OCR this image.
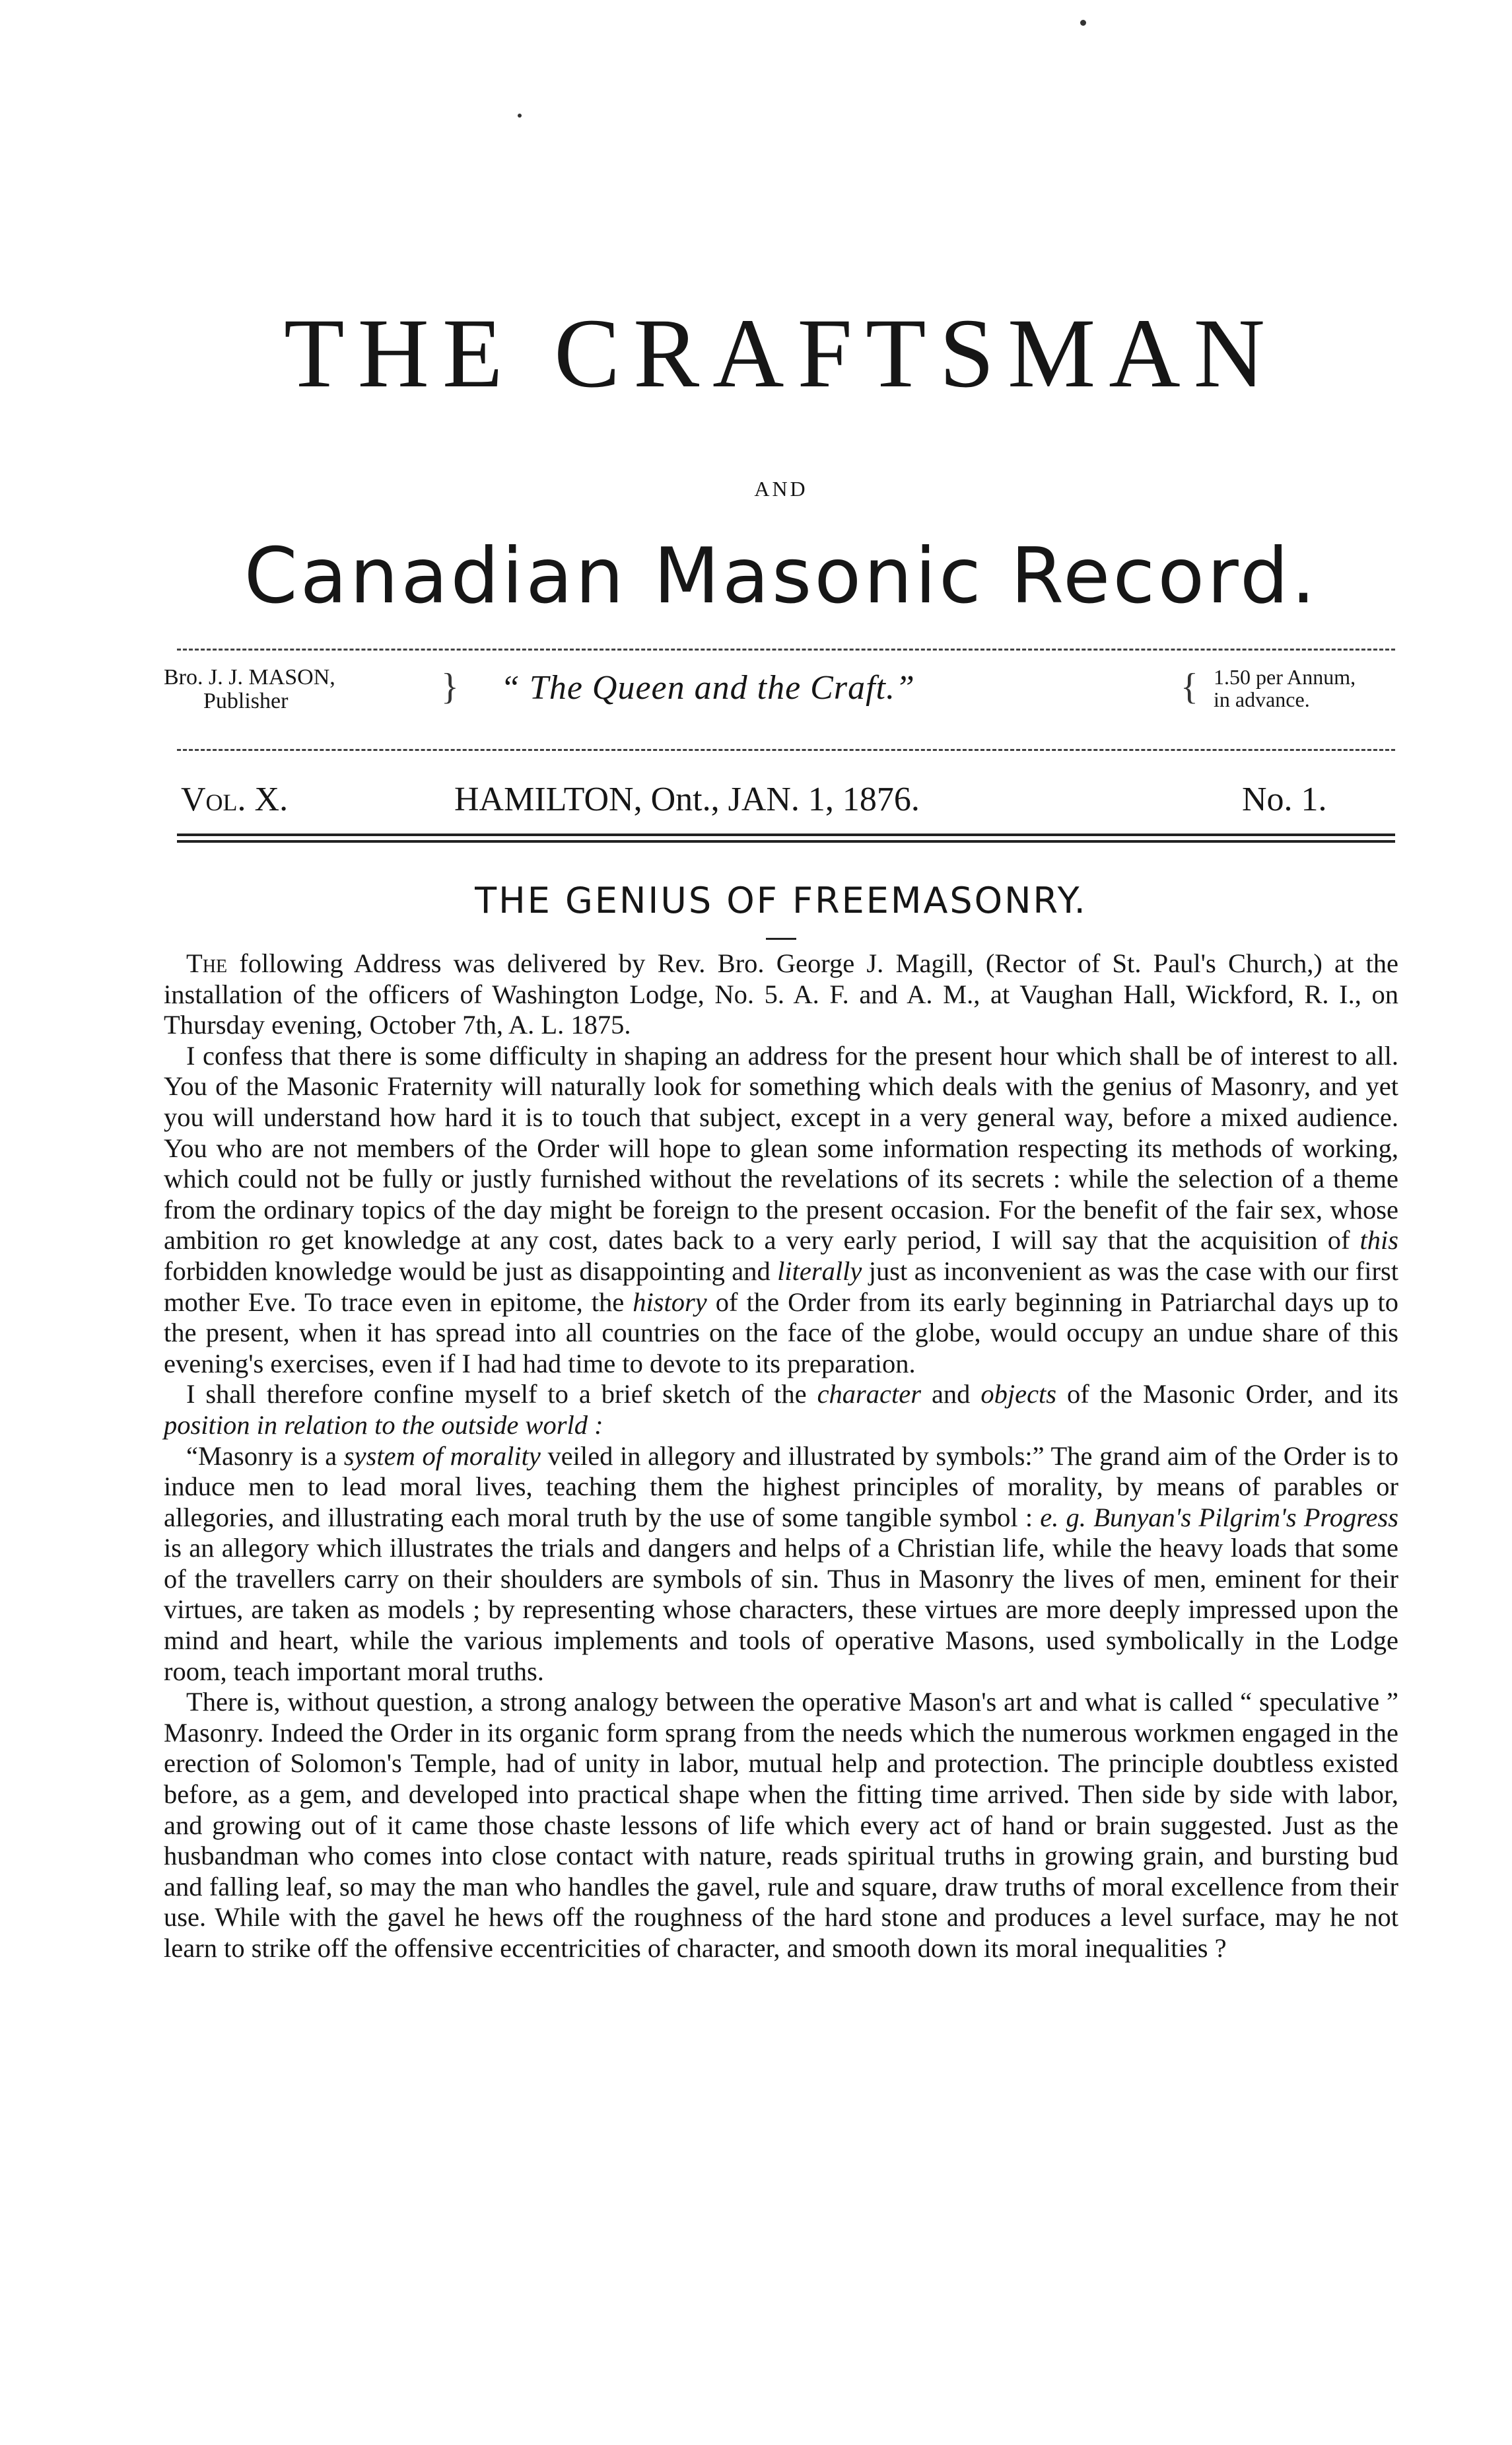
THE CRAFTSMAN
AND
Canadian Masonic Record.
Bro. J. J. MASON,
Publisher	} “ The Queen and the Craft.”	{ 1.50 per Annum,
in advance.
Vol. X.	HAMILTON, Ont., JAN. 1, 1876.	No. 1.
THE GENIUS OF FREEMASONRY.

The following Address was delivered by Rev. Bro. George J. Magill, (Rector of St. Paul's Church,) at the installation of the officers of Washington Lodge, No. 5. A. F. and A. M., at Vaughan Hall, Wickford, R. I., on Thursday evening, October 7th, A. L. 1875.

I confess that there is some difficulty in shaping an address for the present hour which shall be of interest to all. You of the Masonic Fraternity will naturally look for something which deals with the genius of Masonry, and yet you will understand how hard it is to touch that subject, except in a very general way, before a mixed audience. You who are not members of the Order will hope to glean some information respecting its methods of working, which could not be fully or justly furnished without the revelations of its secrets : while the selection of a theme from the ordinary topics of the day might be foreign to the present occasion. For the benefit of the fair sex, whose ambition ro get knowledge at any cost, dates back to a very early period, I will say that the acquisition of this forbidden knowledge would be just as disappointing and literally just as inconvenient as was the case with our first mother Eve. To trace even in epitome, the history of the Order from its early beginning in Patriarchal days up to the present, when it has spread into all countries on the face of the globe, would occupy an undue share of this evening's exercises, even if I had had time to devote to its preparation.

I shall therefore confine myself to a brief sketch of the character and objects of the Masonic Order, and its position in relation to the outside world :

“Masonry is a system of morality veiled in allegory and illustrated by symbols:” The grand aim of the Order is to induce men to lead moral lives, teaching them the highest principles of morality, by means of parables or allegories, and illustrating each moral truth by the use of some tangible symbol : e. g. Bunyan's Pilgrim's Progress is an allegory which illustrates the trials and dangers and helps of a Christian life, while the heavy loads that some of the travellers carry on their shoulders are symbols of sin. Thus in Masonry the lives of men, eminent for their virtues, are taken as models ; by representing whose characters, these virtues are more deeply impressed upon the mind and heart, while the various implements and tools of operative Masons, used symbolically in the Lodge room, teach important moral truths.

There is, without question, a strong analogy between the operative Mason's art and what is called “ speculative ” Masonry. Indeed the Order in its organic form sprang from the needs which the numerous workmen engaged in the erection of Solomon's Temple, had of unity in labor, mutual help and protection. The principle doubtless existed before, as a gem, and developed into practical shape when the fitting time arrived. Then side by side with labor, and growing out of it came those chaste lessons of life which every act of hand or brain suggested. Just as the husbandman who comes into close contact with nature, reads spiritual truths in growing grain, and bursting bud and falling leaf, so may the man who handles the gavel, rule and square, draw truths of moral excellence from their use. While with the gavel he hews off the roughness of the hard stone and produces a level surface, may he not learn to strike off the offensive eccentricities of character, and smooth down its moral inequalities ?
